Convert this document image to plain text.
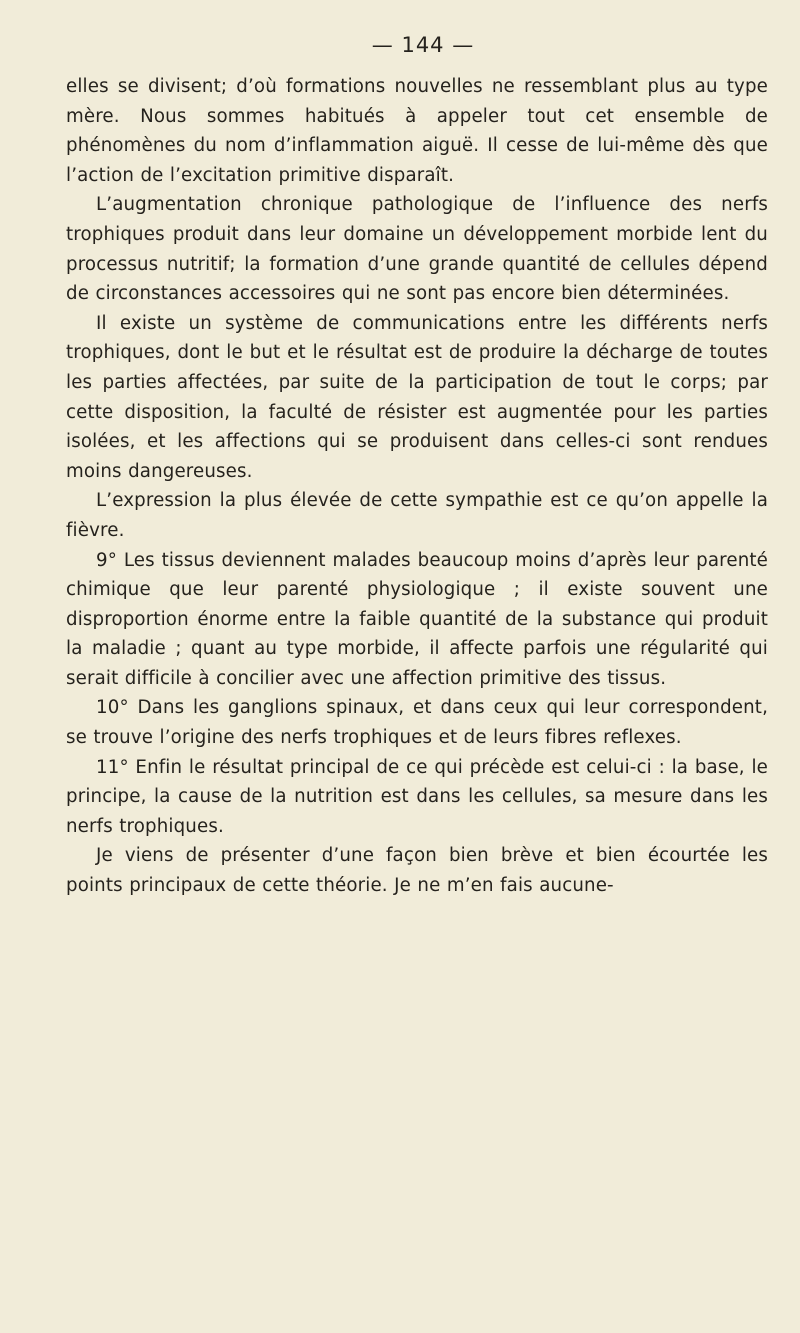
— 144 —

elles se divisent; d’où formations nouvelles ne ressemblant plus au type mère. Nous sommes habitués à appeler tout cet ensemble de phénomènes du nom d’inflammation aiguë. Il cesse de lui-même dès que l’action de l’excitation primitive disparaît.

L’augmentation chronique pathologique de l’influence des nerfs trophiques produit dans leur domaine un développement morbide lent du processus nutritif; la formation d’une grande quantité de cellules dépend de circonstances accessoires qui ne sont pas encore bien déterminées.

Il existe un système de communications entre les différents nerfs trophiques, dont le but et le résultat est de produire la décharge de toutes les parties affectées, par suite de la participation de tout le corps; par cette disposition, la faculté de résister est augmentée pour les parties isolées, et les affections qui se produisent dans celles-ci sont rendues moins dangereuses.

L’expression la plus élevée de cette sympathie est ce qu’on appelle la fièvre.

9° Les tissus deviennent malades beaucoup moins d’après leur parenté chimique que leur parenté physiologique ; il existe souvent une disproportion énorme entre la faible quantité de la substance qui produit la maladie ; quant au type morbide, il affecte parfois une régularité qui serait difficile à concilier avec une affection primitive des tissus.

10° Dans les ganglions spinaux, et dans ceux qui leur correspondent, se trouve l’origine des nerfs trophiques et de leurs fibres reflexes.

11° Enfin le résultat principal de ce qui précède est celui-ci : la base, le principe, la cause de la nutrition est dans les cellules, sa mesure dans les nerfs trophiques.

Je viens de présenter d’une façon bien brève et bien écourtée les points principaux de cette théorie. Je ne m’en fais aucune-
